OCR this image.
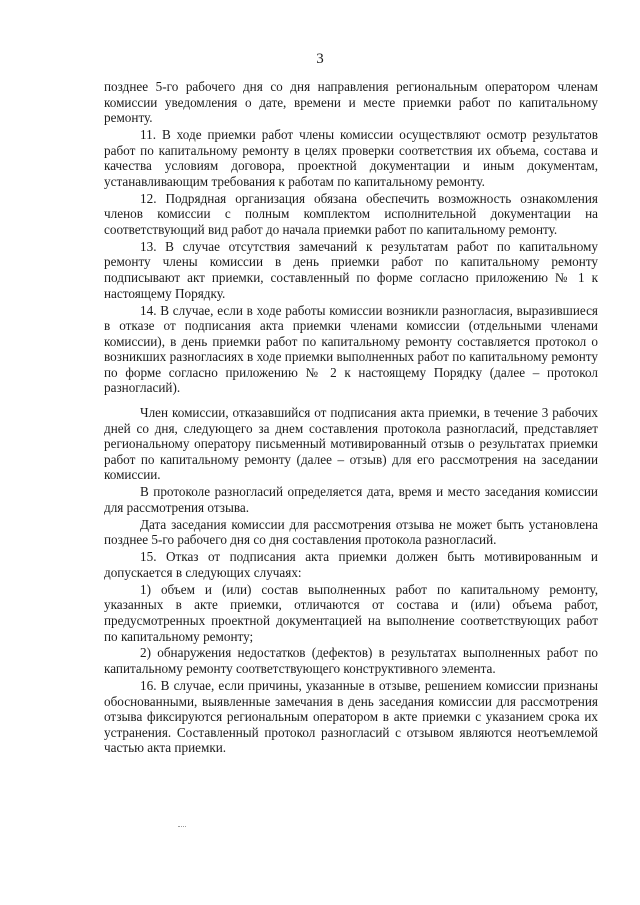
3

позднее 5-го рабочего дня со дня направления региональным оператором членам комиссии уведомления о дате, времени и месте приемки работ по капитальному ремонту.

11. В ходе приемки работ члены комиссии осуществляют осмотр результатов работ по капитальному ремонту в целях проверки соответствия их объема, состава и качества условиям договора, проектной документации и иным документам, устанавливающим требования к работам по капитальному ремонту.

12. Подрядная организация обязана обеспечить возможность ознакомления членов комиссии с полным комплектом исполнительной документации на соответствующий вид работ до начала приемки работ по капитальному ремонту.

13. В случае отсутствия замечаний к результатам работ по капитальному ремонту члены комиссии в день приемки работ по капитальному ремонту подписывают акт приемки, составленный по форме согласно приложению № 1 к настоящему Порядку.

14. В случае, если в ходе работы комиссии возникли разногласия, выразившиеся в отказе от подписания акта приемки членами комиссии (отдельными членами комиссии), в день приемки работ по капитальному ремонту составляется протокол о возникших разногласиях в ходе приемки выполненных работ по капитальному ремонту по форме согласно приложению № 2 к настоящему Порядку (далее – протокол разногласий).

Член комиссии, отказавшийся от подписания акта приемки, в течение 3 рабочих дней со дня, следующего за днем составления протокола разногласий, представляет региональному оператору письменный мотивированный отзыв о результатах приемки работ по капитальному ремонту (далее – отзыв) для его рассмотрения на заседании комиссии.

В протоколе разногласий определяется дата, время и место заседания комиссии для рассмотрения отзыва.

Дата заседания комиссии для рассмотрения отзыва не может быть установлена позднее 5-го рабочего дня со дня составления протокола разногласий.

15. Отказ от подписания акта приемки должен быть мотивированным и допускается в следующих случаях:

1) объем и (или) состав выполненных работ по капитальному ремонту, указанных в акте приемки, отличаются от состава и (или) объема работ, предусмотренных проектной документацией на выполнение соответствующих работ по капитальному ремонту;

2) обнаружения недостатков (дефектов) в результатах выполненных работ по капитальному ремонту соответствующего конструктивного элемента.

16. В случае, если причины, указанные в отзыве, решением комиссии признаны обоснованными, выявленные замечания в день заседания комиссии для рассмотрения отзыва фиксируются региональным оператором в акте приемки с указанием срока их устранения. Составленный протокол разногласий с отзывом являются неотъемлемой частью акта приемки.
